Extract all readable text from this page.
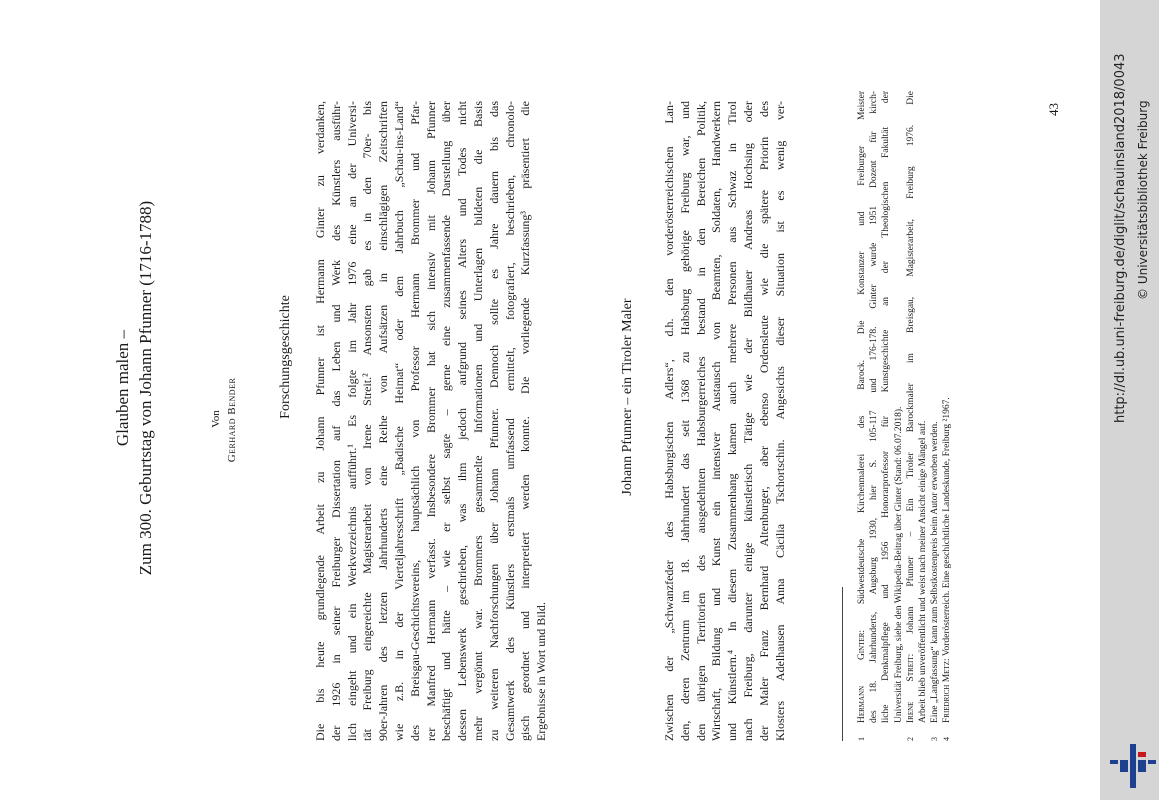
Glauben malen – Zum 300. Geburtstag von Johann Pfunner (1716-1788)	Von Gerhard Bender
Forschungsgeschichte Die bis heute grundlegende Arbeit zu Johann Pfunner ist Hermann Ginter zu verdanken, der 1926 in seiner Freiburger Dissertation auf das Leben und Werk des Künstlers ausführ- lich eingeht und ein Werkverzeichnis aufführt.¹ Es folgte im Jahr 1976 eine an der Universi- tät Freiburg eingereichte Magisterarbeit von Irene Streit.² Ansonsten gab es in den 70er- bis 90er-Jahren des letzten Jahrhunderts eine Reihe von Aufsätzen in einschlägigen Zeitschriften wie z.B. in der Vierteljahresschrift „Badische Heimat“ oder dem Jahrbuch „Schau-ins-Land“ des Breisgau-Geschichtsvereins, hauptsächlich von Professor Hermann Brommer und Pfar- rer Manfred Hermann verfasst. Insbesondere Brommer hat sich intensiv mit Johann Pfunner beschäftigt und hätte – wie er selbst sagte – gerne eine zusammenfassende Darstellung über dessen Lebenswerk geschrieben, was ihm jedoch aufgrund seines Alters und Todes nicht mehr vergönnt war. Brommers gesammelte Informationen und Unterlagen bildeten die Basis zu weiteren Nachforschungen über Johann Pfunner. Dennoch sollte es Jahre dauern bis das Gesamtwerk des Künstlers erstmals umfassend ermittelt, fotografiert, beschrieben, chronolo- gisch geordnet und interpretiert werden konnte. Die vorliegende Kurzfassung³ präsentiert die Ergebnisse in Wort und Bild.
Johann Pfunner – ein Tiroler Maler Zwischen der „Schwanzfeder des Habsburgischen Adlers“, d.h. den vorderösterreichischen Lan- den, deren Zentrum im 18. Jahrhundert das seit 1368 zu Habsburg gehörige Freiburg war, und den übrigen Territorien des ausgedehnten Habsburgerreiches bestand in den Bereichen Politik, Wirtschaft, Bildung und Kunst ein intensiver Austausch von Beamten, Soldaten, Handwerkern und Künstlern.⁴ In diesem Zusammenhang kamen auch mehrere Personen aus Schwaz in Tirol nach Freiburg, darunter einige künstlerisch Tätige wie der Bildhauer Andreas Hochsing oder der Maler Franz Bernhard Altenburger, aber ebenso Ordensleute wie die spätere Priorin des Klosters Adelhausen Anna Cäcilia Tschortschin. Angesichts dieser Situation ist es wenig ver-	1Hermann Ginter: Südwestdeutsche Kirchenmalerei des Barock. Die Konstanzer und Freiburger Meister des 18. Jahrhunderts, Augsburg 1930, hier S. 105-117 und 176-178. Ginter wurde 1951 Dozent für kirch- liche Denkmalpflege und 1956 Honorarprofessor für Kunstgeschichte an der Theologischen Fakultät der Universität Freiburg, siehe den Wikipedia-Beitrag über Ginter (Stand: 06.07.2018).
2Irene Streit: Johann Pfunner – Ein Tiroler Barockmaler im Breisgau, Magisterarbeit, Freiburg 1976. Die Arbeit blieb unveröffentlicht und weist nach meiner Ansicht einige Mängel auf.
3Eine „Langfassung“ kann zum Selbstkostenpreis beim Autor erworben werden.
4Friedrich Metz: Vorderösterreich. Eine geschichtliche Landeskunde, Freiburg ²1967.
43	http://dl.ub.uni-freiburg.de/diglit/schauinsland2018/0043 © Universitätsbibliothek Freiburg
